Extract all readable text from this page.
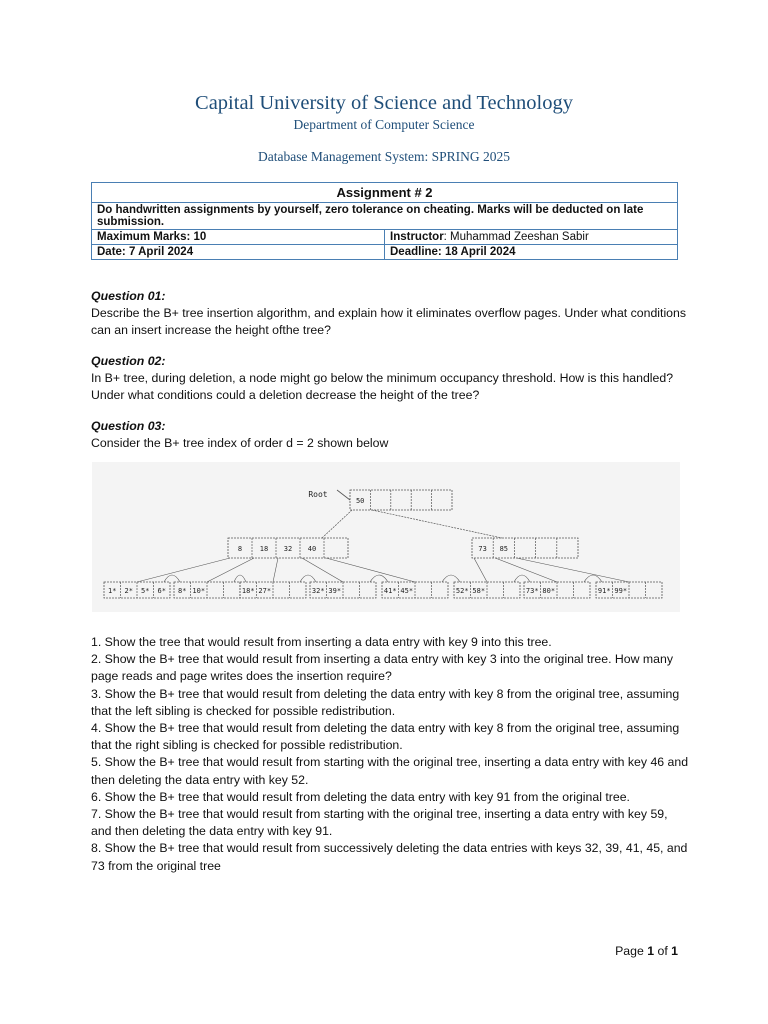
Capital University of Science and Technology
Department of Computer Science
Database Management System: SPRING 2025
Assignment # 2	
Do handwritten assignments by yourself, zero tolerance on cheating. Marks will be deducted on late submission.	
Maximum Marks: 10	Instructor: Muhammad Zeeshan Sabir
Date: 7 April 2024	Deadline: 18 April 2024
Question 01:
Describe the B+ tree insertion algorithm, and explain how it eliminates overflow pages. Under what conditions can an insert increase the height ofthe tree?
Question 02:
In B+ tree, during deletion, a node might go below the minimum occupancy threshold. How is this handled? Under what conditions could a deletion decrease the height of the tree?
Question 03:
Consider the B+ tree index of order d = 2 shown below
Root
50
8	18 32 40	73 85
1* 2* 5* 6* 8* 10*	18* 27*	32* 39*	41* 45*	52* 58*	73* 80*	91* 99*

1. Show the tree that would result from inserting a data entry with key 9 into this tree.

2. Show the B+ tree that would result from inserting a data entry with key 3 into the original tree. How many page reads and page writes does the insertion require?

3. Show the B+ tree that would result from deleting the data entry with key 8 from the original tree, assuming that the left sibling is checked for possible redistribution.

4. Show the B+ tree that would result from deleting the data entry with key 8 from the original tree, assuming that the right sibling is checked for possible redistribution.

5. Show the B+ tree that would result from starting with the original tree, inserting a data entry with key 46 and then deleting the data entry with key 52.

6. Show the B+ tree that would result from deleting the data entry with key 91 from the original tree.

7. Show the B+ tree that would result from starting with the original tree, inserting a data entry with key 59, and then deleting the data entry with key 91.

8. Show the B+ tree that would result from successively deleting the data entries with keys 32, 39, 41, 45, and 73 from the original tree

Page 1 of 1
